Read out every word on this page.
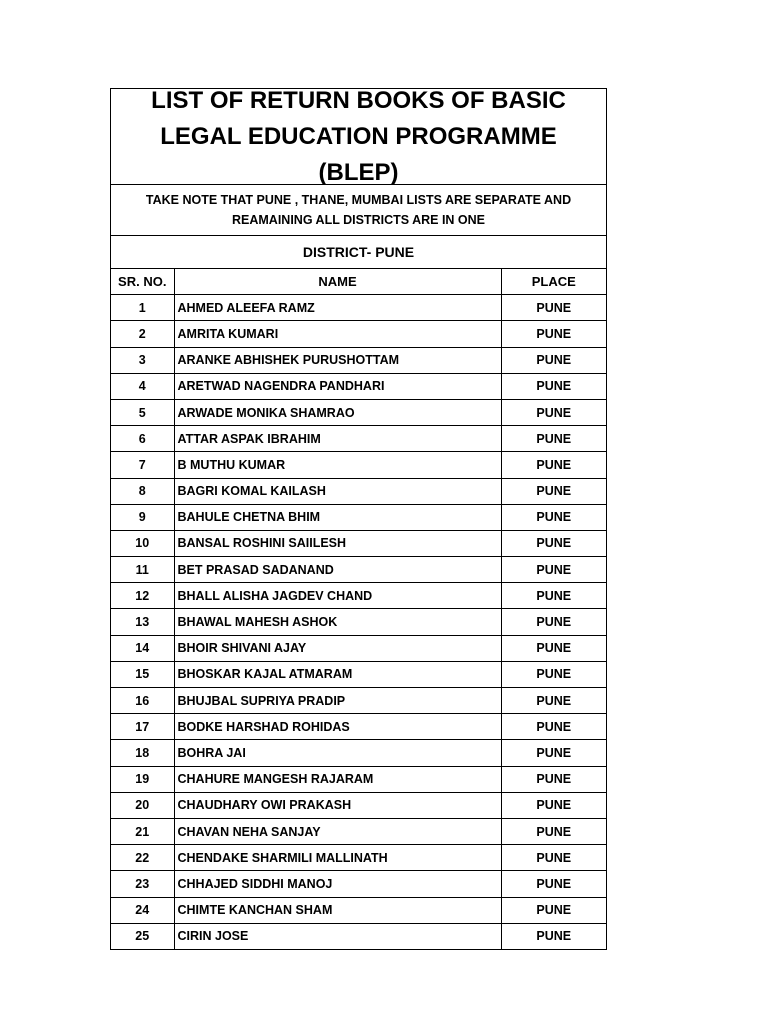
LIST OF RETURN BOOKS OF BASIC LEGAL EDUCATION PROGRAMME (BLEP)
TAKE NOTE THAT PUNE , THANE, MUMBAI LISTS ARE SEPARATE AND REAMAINING ALL DISTRICTS ARE IN ONE
DISTRICT- PUNE
SR. NO.	NAME	PLACE
1	AHMED ALEEFA RAMZ	PUNE
2	AMRITA KUMARI	PUNE
3	ARANKE ABHISHEK PURUSHOTTAM	PUNE
4	ARETWAD NAGENDRA PANDHARI	PUNE
5	ARWADE MONIKA SHAMRAO	PUNE
6	ATTAR ASPAK IBRAHIM	PUNE
7	B MUTHU KUMAR	PUNE
8	BAGRI KOMAL KAILASH	PUNE
9	BAHULE CHETNA BHIM	PUNE
10	BANSAL ROSHINI SAIILESH	PUNE
11	BET PRASAD SADANAND	PUNE
12	BHALL ALISHA JAGDEV CHAND	PUNE
13	BHAWAL MAHESH ASHOK	PUNE
14	BHOIR SHIVANI AJAY	PUNE
15	BHOSKAR KAJAL ATMARAM	PUNE
16	BHUJBAL SUPRIYA PRADIP	PUNE
17	BODKE HARSHAD ROHIDAS	PUNE
18	BOHRA JAI	PUNE
19	CHAHURE MANGESH RAJARAM	PUNE
20	CHAUDHARY OWI PRAKASH	PUNE
21	CHAVAN NEHA SANJAY	PUNE
22	CHENDAKE SHARMILI MALLINATH	PUNE
23	CHHAJED SIDDHI MANOJ	PUNE
24	CHIMTE KANCHAN SHAM	PUNE
25	CIRIN JOSE	PUNE
